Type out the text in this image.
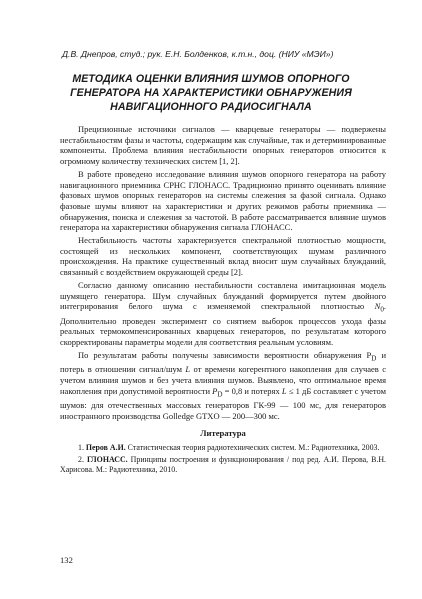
Д.В. Днепров, студ.; рук. Е.Н. Болденков, к.т.н., доц. (НИУ «МЭИ»)
МЕТОДИКА ОЦЕНКИ ВЛИЯНИЯ ШУМОВ ОПОРНОГО ГЕНЕРАТОРА НА ХАРАКТЕРИСТИКИ ОБНАРУЖЕНИЯ НАВИГАЦИОННОГО РАДИОСИГНАЛА

Прецизионные источники сигналов — кварцевые генераторы — подвержены нестабильностям фазы и частоты, содержащим как случайные, так и детерминированные компоненты. Проблема влияния нестабильности опорных генераторов относится к огромному количеству технических систем [1, 2].

В работе проведено исследование влияния шумов опорного генератора на работу навигационного приемника СРНС ГЛОНАСС. Традиционно принято оценивать влияние фазовых шумов опорных генераторов на системы слежения за фазой сигнала. Однако фазовые шумы влияют на характеристики и других режимов работы приемника — обнаружения, поиска и слежения за частотой. В работе рассматривается влияние шумов генератора на характеристики обнаружения сигнала ГЛОНАСС.

Нестабильность частоты характеризуется спектральной плотностью мощности, состоящей из нескольких компонент, соответствующих шумам различного происхождения. На практике существенный вклад вносит шум случайных блужданий, связанный с воздействием окружающей среды [2].

Согласно данному описанию нестабильности составлена имитационная модель шумящего генератора. Шум случайных блужданий формируется путем двойного интегрирования белого шума с изменяемой спектральной плотностью $N_0$. Дополнительно проведен эксперимент со снятием выборок процессов ухода фазы реальных термокомпенсированных кварцевых генераторов, по результатам которого скорректированы параметры модели для соответствия реальным условиям.

По результатам работы получены зависимости вероятности обнаружения $P_D$ и потерь в отношении сигнал/шум L от времени когерентного накопления для случаев с учетом влияния шумов и без учета влияния шумов. Выявлено, что оптимальное время накопления при допустимой вероятности $P_D = 0,8$ и потерях L ≤ 1 дБ составляет с учетом шумов: для отечественных массовых генераторов ГК-99 — 100 мс, для генераторов иностранного производства Golledge GTXO — 200—300 мс.

Литература

1. Перов А.И. Статистическая теория радиотехнических систем. М.: Радиотехника, 2003.

2. ГЛОНАСС. Принципы построения и функционирования / под ред. А.И. Перова, В.Н. Харисова. М.: Радиотехника, 2010.

132
